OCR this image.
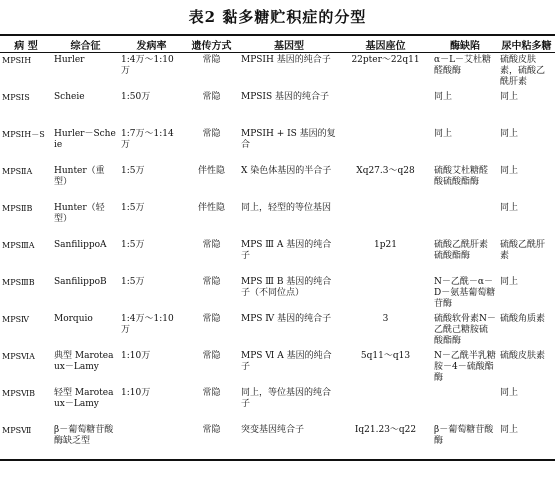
表2 黏多糖贮积症的分型
病 型	综合征	发病率	遗传方式	基因型	基因座位	酶缺陷	尿中粘多糖
MPSIH	Hurler	1:4万～1:10万	常隐	MPSIH 基因的纯合子	22pter～22q11	α－L－艾杜糖醛酸酶	硫酸皮肤素，硫酸乙酰肝素
MPSIS	Scheie	1:50万	常隐	MPSIS 基因的纯合子		同上	同上
MPSIH－S	Hurler－Scheie	1:7万～1:14万	常隐	MPSIH + IS 基因的复合		同上	同上
MPSⅡA	Hunter（重型）	1:5万	伴性隐	X 染色体基因的半合子	Xq27.3～q28	硫酸艾杜糖醛酸硫酸酯酶	同上
MPSⅡB	Hunter（轻型）	1:5万	伴性隐	同上，轻型的等位基因			同上
MPSⅢA	SanfilippoA	1:5万	常隐	MPS Ⅲ A 基因的纯合子	1p21	硫酸乙酰肝素硫酸酯酶	硫酸乙酰肝素
MPSⅢB	SanfilippoB	1:5万	常隐	MPS Ⅲ B 基因的纯合子（不同位点）		N－乙酰－α－D－氨基葡萄糖苷酶	同上
MPSⅣ	Morquio	1:4万～1:10万	常隐	MPS Ⅳ 基因的纯合子	3	硫酸软骨素N－乙酰己糖胺硫酸酯酶	硫酸角质素
MPSⅥA	典型 Maroteaux－Lamy	1:10万	常隐	MPS Ⅵ A 基因的纯合子	5q11～q13	N－乙酰半乳糖胺－4－硫酸酯酶	硫酸皮肤素
MPSⅥB	轻型 Maroteaux－Lamy	1:10万	常隐	同上，等位基因的纯合子			同上
MPSⅦ	β－葡萄糖苷酸酶缺乏型		常隐	突变基因纯合子	Iq21.23～q22	β－葡萄糖苷酸酶	同上
